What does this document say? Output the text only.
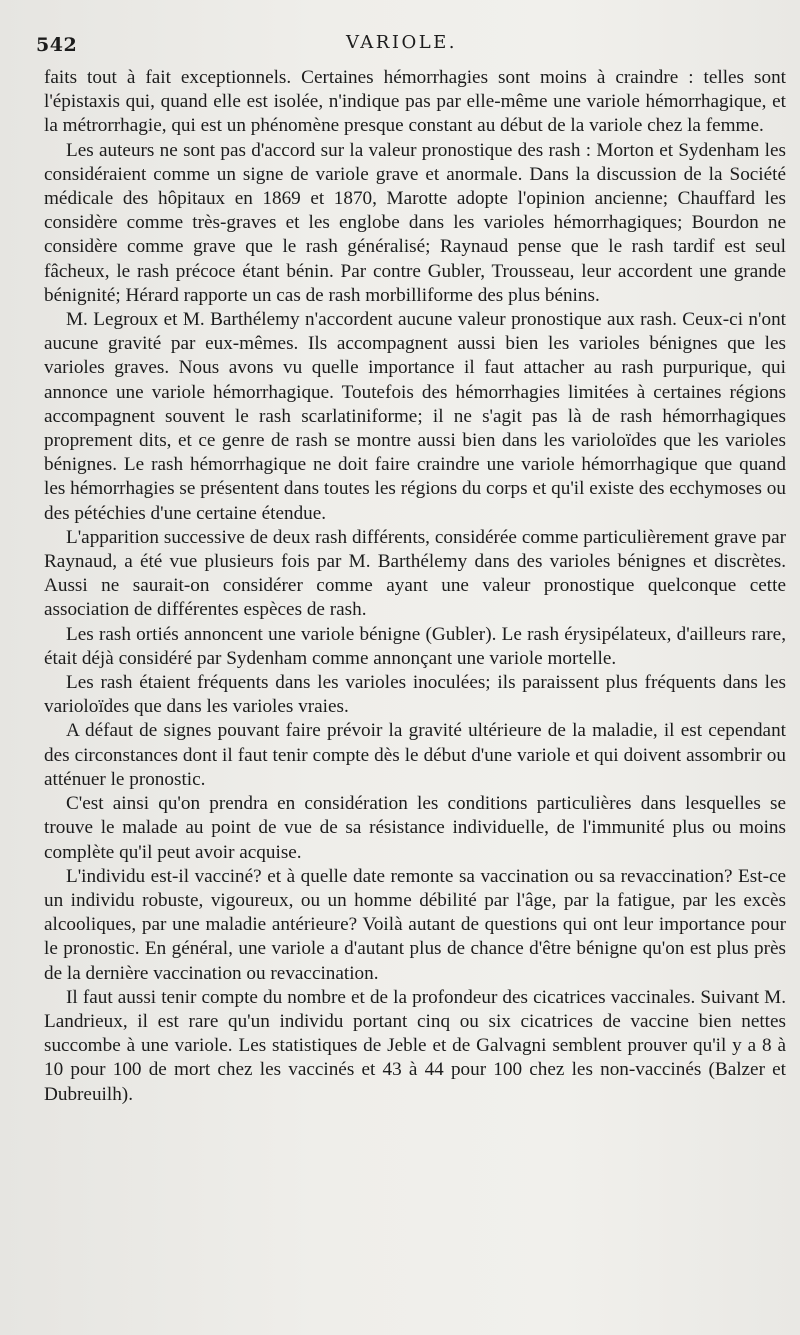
542	VARIOLE.

faits tout à fait exceptionnels. Certaines hémorrhagies sont moins à craindre : telles sont l'épistaxis qui, quand elle est isolée, n'indique pas par elle-même une variole hémorrhagique, et la métrorrhagie, qui est un phénomène presque constant au début de la variole chez la femme.

Les auteurs ne sont pas d'accord sur la valeur pronostique des rash : Morton et Sydenham les considéraient comme un signe de variole grave et anormale. Dans la discussion de la Société médicale des hôpitaux en 1869 et 1870, Marotte adopte l'opinion ancienne; Chauffard les considère comme très-graves et les englobe dans les varioles hémorrhagiques; Bourdon ne considère comme grave que le rash généralisé; Raynaud pense que le rash tardif est seul fâcheux, le rash précoce étant bénin. Par contre Gubler, Trousseau, leur accordent une grande bénignité; Hérard rapporte un cas de rash morbilliforme des plus bénins.

M. Legroux et M. Barthélemy n'accordent aucune valeur pronostique aux rash. Ceux-ci n'ont aucune gravité par eux-mêmes. Ils accompagnent aussi bien les varioles bénignes que les varioles graves. Nous avons vu quelle importance il faut attacher au rash purpurique, qui annonce une variole hémorrhagique. Toutefois des hémorrhagies limitées à certaines régions accompagnent souvent le rash scarlatiniforme; il ne s'agit pas là de rash hémorrhagiques proprement dits, et ce genre de rash se montre aussi bien dans les varioloïdes que les varioles bénignes. Le rash hémorrhagique ne doit faire craindre une variole hémorrhagique que quand les hémorrhagies se présentent dans toutes les régions du corps et qu'il existe des ecchymoses ou des pétéchies d'une certaine étendue.

L'apparition successive de deux rash différents, considérée comme particulièrement grave par Raynaud, a été vue plusieurs fois par M. Barthélemy dans des varioles bénignes et discrètes. Aussi ne saurait-on considérer comme ayant une valeur pronostique quelconque cette association de différentes espèces de rash.

Les rash ortiés annoncent une variole bénigne (Gubler). Le rash érysipélateux, d'ailleurs rare, était déjà considéré par Sydenham comme annonçant une variole mortelle.

Les rash étaient fréquents dans les varioles inoculées; ils paraissent plus fréquents dans les varioloïdes que dans les varioles vraies.

A défaut de signes pouvant faire prévoir la gravité ultérieure de la maladie, il est cependant des circonstances dont il faut tenir compte dès le début d'une variole et qui doivent assombrir ou atténuer le pronostic.

C'est ainsi qu'on prendra en considération les conditions particulières dans lesquelles se trouve le malade au point de vue de sa résistance individuelle, de l'immunité plus ou moins complète qu'il peut avoir acquise.

L'individu est-il vacciné? et à quelle date remonte sa vaccination ou sa revaccination? Est-ce un individu robuste, vigoureux, ou un homme débilité par l'âge, par la fatigue, par les excès alcooliques, par une maladie antérieure? Voilà autant de questions qui ont leur importance pour le pronostic. En général, une variole a d'autant plus de chance d'être bénigne qu'on est plus près de la dernière vaccination ou revaccination.

Il faut aussi tenir compte du nombre et de la profondeur des cicatrices vaccinales. Suivant M. Landrieux, il est rare qu'un individu portant cinq ou six cicatrices de vaccine bien nettes succombe à une variole. Les statistiques de Jeble et de Galvagni semblent prouver qu'il y a 8 à 10 pour 100 de mort chez les vaccinés et 43 à 44 pour 100 chez les non-vaccinés (Balzer et Dubreuilh).
